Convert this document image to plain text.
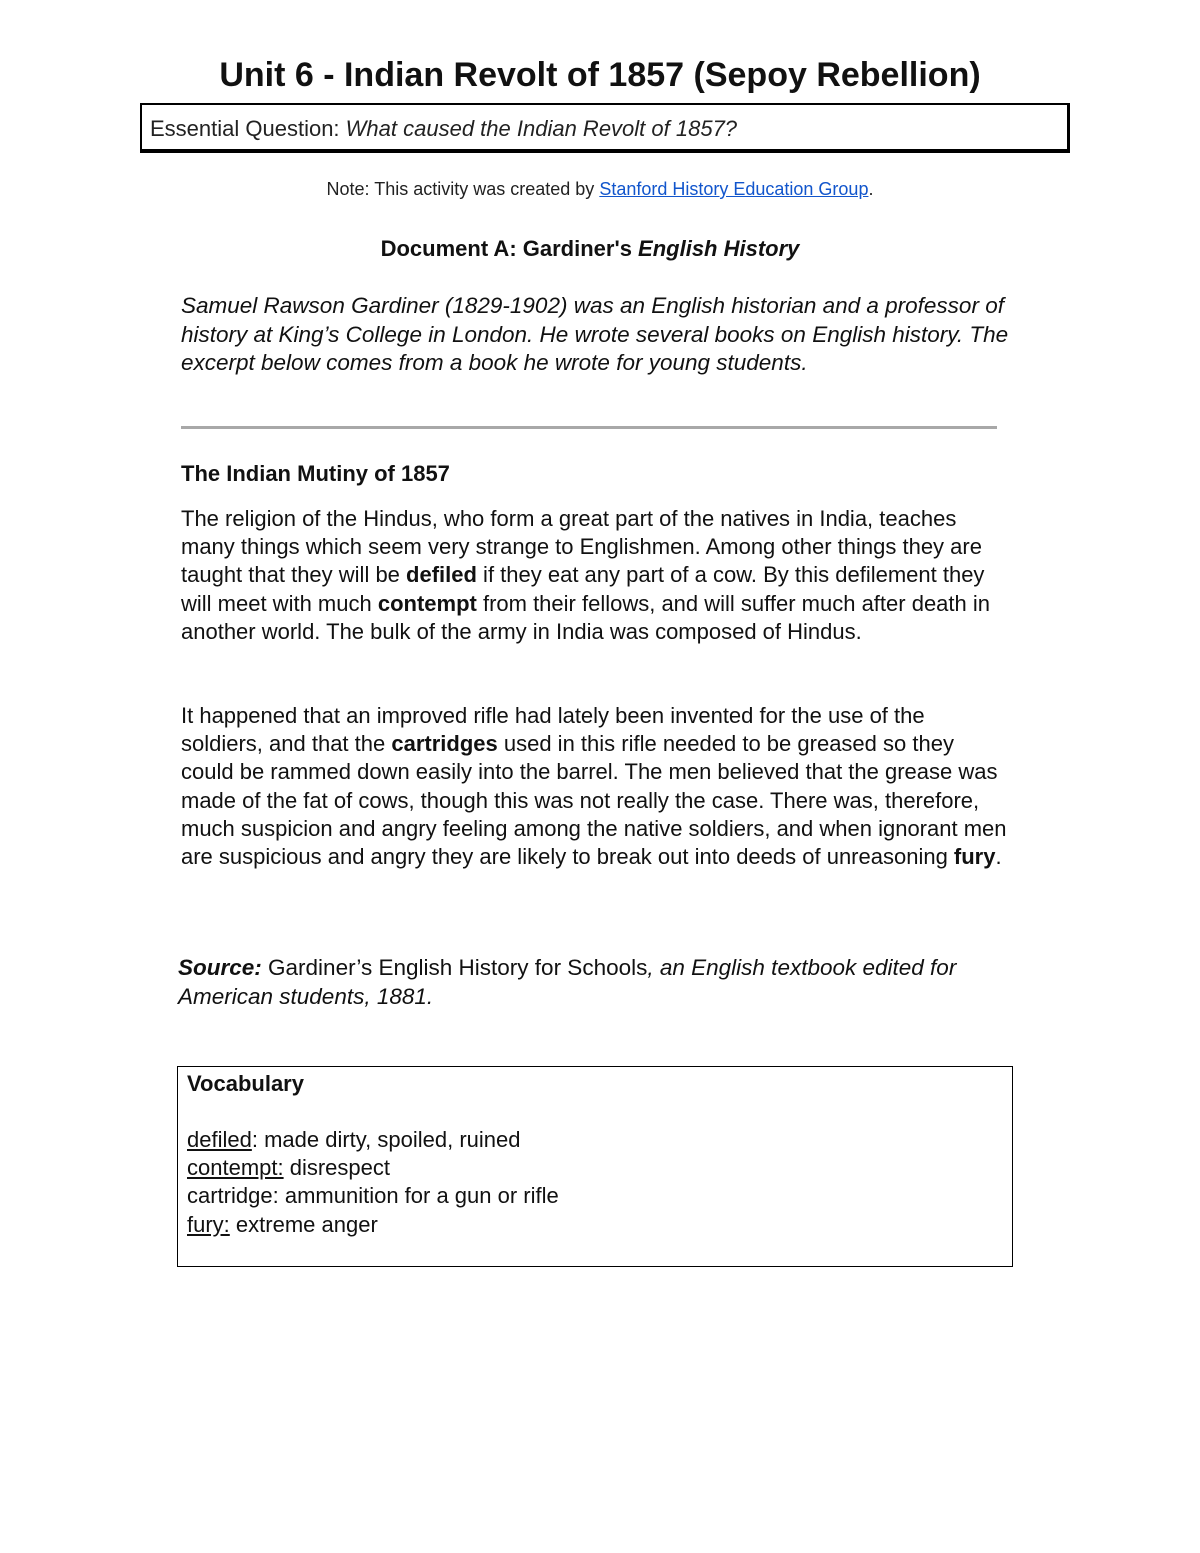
Unit 6 - Indian Revolt of 1857 (Sepoy Rebellion)
Essential Question: What caused the Indian Revolt of 1857?
Note: This activity was created by Stanford History Education Group.
Document A: Gardiner's English History

Samuel Rawson Gardiner (1829-1902) was an English historian and a professor of history at King’s College in London. He wrote several books on English history. The excerpt below comes from a book he wrote for young students.

The Indian Mutiny of 1857

The religion of the Hindus, who form a great part of the natives in India, teaches many things which seem very strange to Englishmen. Among other things they are taught that they will be defiled if they eat any part of a cow. By this defilement they will meet with much contempt from their fellows, and will suffer much after death in another world. The bulk of the army in India was composed of Hindus.

It happened that an improved rifle had lately been invented for the use of the soldiers, and that the cartridges used in this rifle needed to be greased so they could be rammed down easily into the barrel. The men believed that the grease was made of the fat of cows, though this was not really the case. There was, therefore, much suspicion and angry feeling among the native soldiers, and when ignorant men are suspicious and angry they are likely to break out into deeds of unreasoning fury.

Source: Gardiner’s English History for Schools, an English textbook edited for American students, 1881.

Vocabulary
defiled: made dirty, spoiled, ruined
contempt: disrespect
cartridge: ammunition for a gun or rifle
fury: extreme anger
